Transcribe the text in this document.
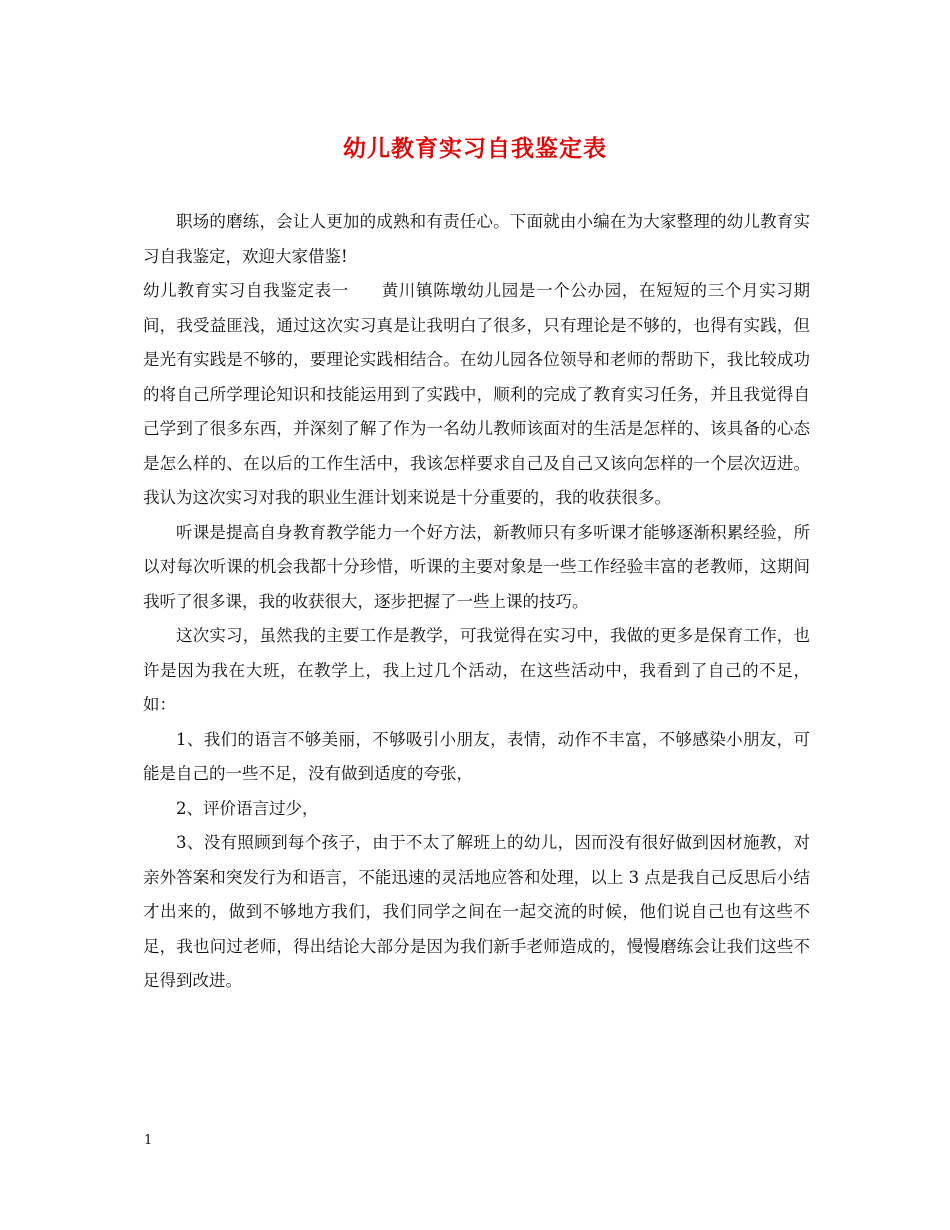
幼儿教育实习自我鉴定表

职场的磨练，会让人更加的成熟和有责任心。下面就由小编在为大家整理的幼儿教育实习自我鉴定，欢迎大家借鉴!

幼儿教育实习自我鉴定表一 黄川镇陈墩幼儿园是一个公办园，在短短的三个月实习期间，我受益匪浅，通过这次实习真是让我明白了很多，只有理论是不够的，也得有实践，但是光有实践是不够的，要理论实践相结合。在幼儿园各位领导和老师的帮助下，我比较成功的将自己所学理论知识和技能运用到了实践中，顺利的完成了教育实习任务，并且我觉得自己学到了很多东西，并深刻了解了作为一名幼儿教师该面对的生活是怎样的、该具备的心态是怎么样的、在以后的工作生活中，我该怎样要求自己及自己又该向怎样的一个层次迈进。我认为这次实习对我的职业生涯计划来说是十分重要的，我的收获很多。

听课是提高自身教育教学能力一个好方法，新教师只有多听课才能够逐渐积累经验，所以对每次听课的机会我都十分珍惜，听课的主要对象是一些工作经验丰富的老教师，这期间我听了很多课，我的收获很大，逐步把握了一些上课的技巧。

这次实习，虽然我的主要工作是教学，可我觉得在实习中，我做的更多是保育工作，也许是因为我在大班，在教学上，我上过几个活动，在这些活动中，我看到了自己的不足，如：

1、我们的语言不够美丽，不够吸引小朋友，表情，动作不丰富，不够感染小朋友，可能是自己的一些不足，没有做到适度的夸张，

2、评价语言过少，

3、没有照顾到每个孩子，由于不太了解班上的幼儿，因而没有很好做到因材施教，对亲外答案和突发行为和语言，不能迅速的灵活地应答和处理，以上 3 点是我自己反思后小结才出来的，做到不够地方我们，我们同学之间在一起交流的时候，他们说自己也有这些不足，我也问过老师，得出结论大部分是因为我们新手老师造成的，慢慢磨练会让我们这些不足得到改进。

1
